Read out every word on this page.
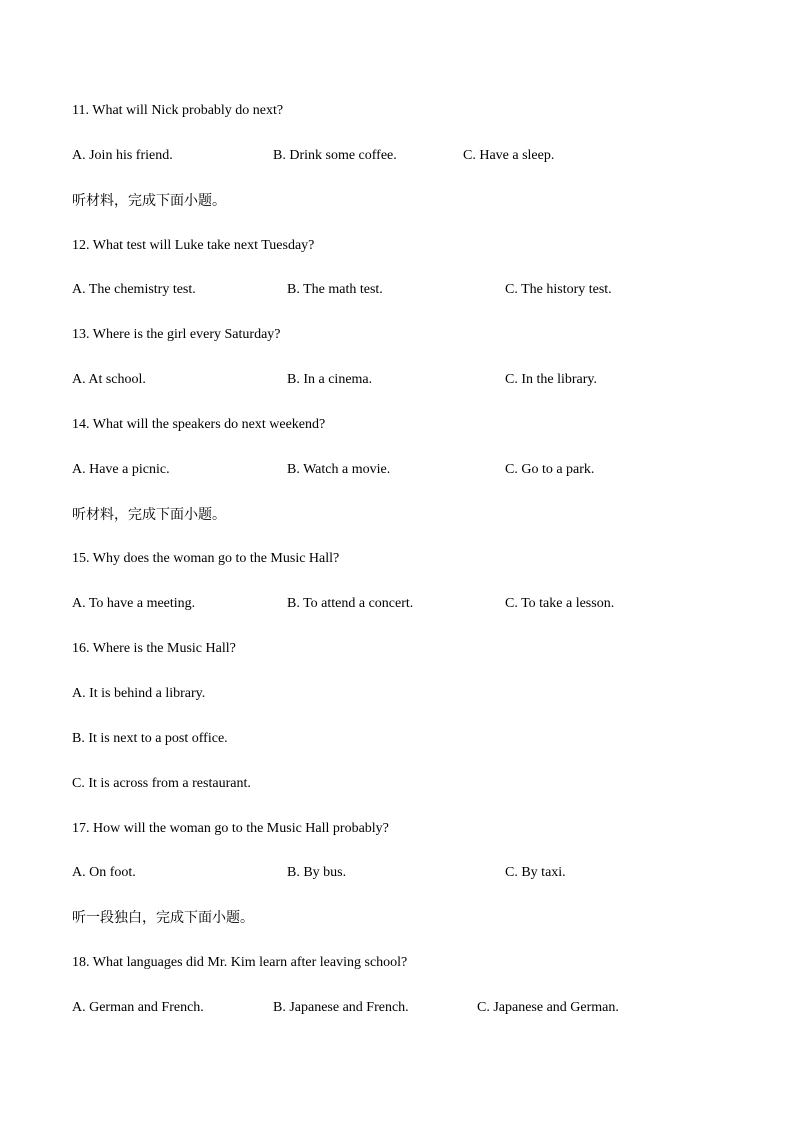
11. What will Nick probably do next?
A. Join his friend.	B. Drink some coffee.	C. Have a sleep.
听材料，完成下面小题。
12. What test will Luke take next Tuesday?
A. The chemistry test.	B. The math test.	C. The history test.
13. Where is the girl every Saturday?
A. At school.	B. In a cinema.	C. In the library.
14. What will the speakers do next weekend?
A. Have a picnic.	B. Watch a movie.	C. Go to a park.
听材料，完成下面小题。
15. Why does the woman go to the Music Hall?
A. To have a meeting.	B. To attend a concert.	C. To take a lesson.
16. Where is the Music Hall?
A. It is behind a library.
B. It is next to a post office.
C. It is across from a restaurant.
17. How will the woman go to the Music Hall probably?
A. On foot.	B. By bus.	C. By taxi.
听一段独白，完成下面小题。
18. What languages did Mr. Kim learn after leaving school?
A. German and French.	B. Japanese and French.	C. Japanese and German.
